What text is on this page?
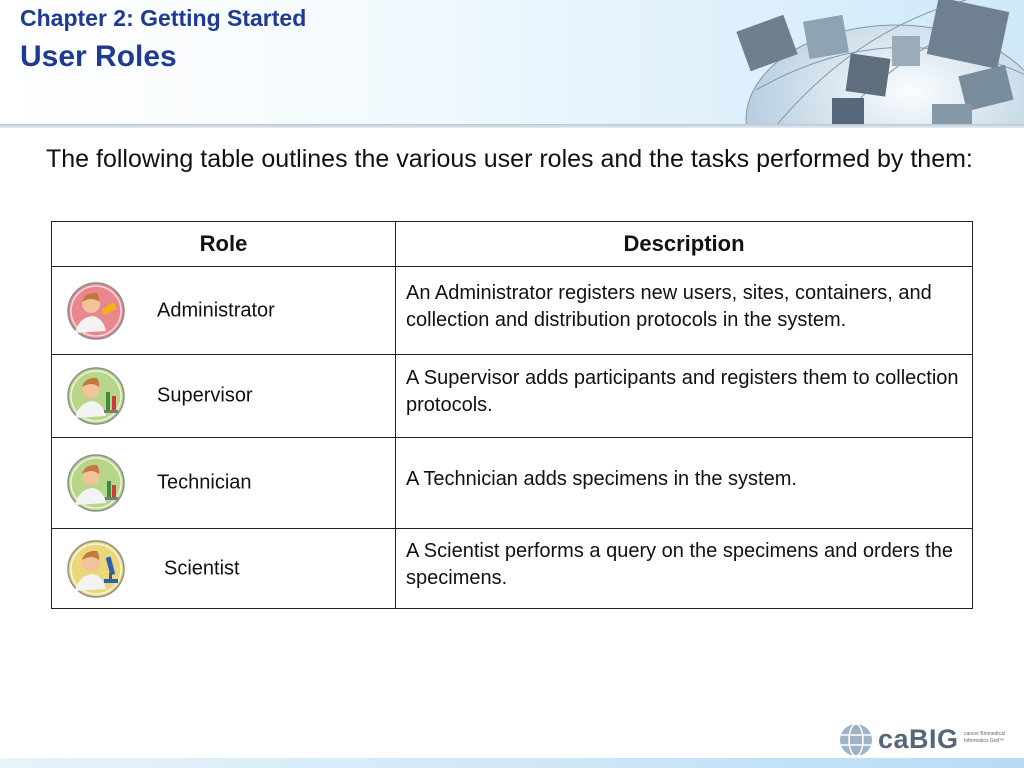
Chapter 2: Getting Started
User Roles
The following table outlines the various user roles and the tasks performed by them:
Role	Description

Administrator	An Administrator registers new users, sites, containers, and collection and distribution protocols in the system.

Supervisor	A Supervisor adds participants and registers them to collection protocols.

Technician	A Technician adds specimens in the system.

Scientist	A Scientist performs a query on the specimens and orders the specimens.
caBIG cancer Biomedical Informatics Grid™
